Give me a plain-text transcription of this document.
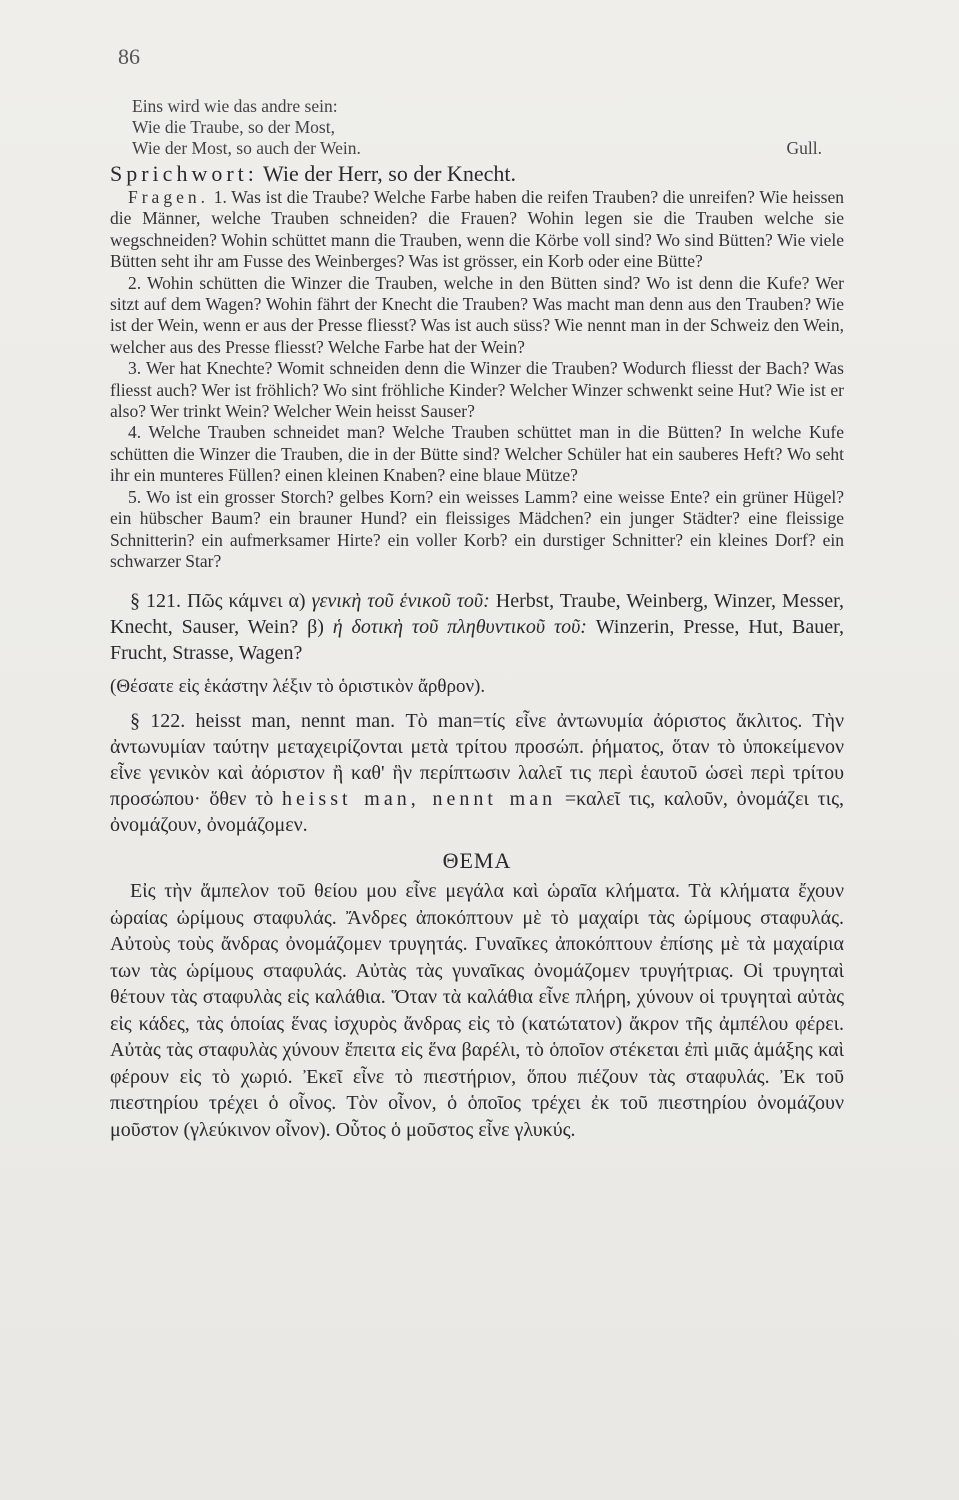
86
Eins wird wie das andre sein:
Wie die Traube, so der Most,
Wie der Most, so auch der Wein.	Gull.
Sprichwort: Wie der Herr, so der Knecht.

Fragen. 1. Was ist die Traube? Welche Farbe haben die reifen Trauben? die unreifen? Wie heissen die Männer, welche Trauben schneiden? die Frauen? Wohin legen sie die Trauben welche sie wegschneiden? Wohin schüttet mann die Trauben, wenn die Körbe voll sind? Wo sind Bütten? Wie viele Bütten seht ihr am Fusse des Weinberges? Was ist grösser, ein Korb oder eine Bütte?

2. Wohin schütten die Winzer die Trauben, welche in den Bütten sind? Wo ist denn die Kufe? Wer sitzt auf dem Wagen? Wohin fährt der Knecht die Trauben? Was macht man denn aus den Trauben? Wie ist der Wein, wenn er aus der Presse fliesst? Was ist auch süss? Wie nennt man in der Schweiz den Wein, welcher aus des Presse fliesst? Welche Farbe hat der Wein?

3. Wer hat Knechte? Womit schneiden denn die Winzer die Trauben? Wodurch fliesst der Bach? Was fliesst auch? Wer ist fröhlich? Wo sint fröhliche Kinder? Welcher Winzer schwenkt seine Hut? Wie ist er also? Wer trinkt Wein? Welcher Wein heisst Sauser?

4. Welche Trauben schneidet man? Welche Trauben schüttet man in die Bütten? In welche Kufe schütten die Winzer die Trauben, die in der Bütte sind? Welcher Schüler hat ein sauberes Heft? Wo seht ihr ein munteres Füllen? einen kleinen Knaben? eine blaue Mütze?

5. Wo ist ein grosser Storch? gelbes Korn? ein weisses Lamm? eine weisse Ente? ein grüner Hügel? ein hübscher Baum? ein brauner Hund? ein fleissiges Mädchen? ein junger Städter? eine fleissige Schnitterin? ein aufmerksamer Hirte? ein voller Korb? ein durstiger Schnitter? ein kleines Dorf? ein schwarzer Star?

§ 121. Πῶς κάμνει α) γενικὴ τοῦ ἑνικοῦ τοῦ: Herbst, Traube, Weinberg, Winzer, Messer, Knecht, Sauser, Wein? β) ἡ δοτικὴ τοῦ πληθυντικοῦ τοῦ: Winzerin, Presse, Hut, Bauer, Frucht, Strasse, Wagen?

(Θέσατε εἰς ἑκάστην λέξιν τὸ ὁριστικὸν ἄρθρον).

§ 122. heisst man, nennt man. Τὸ man=τίς εἶνε ἀντωνυμία ἀόριστος ἄκλιτος. Τὴν ἀντωνυμίαν ταύτην μεταχειρίζονται μετὰ τρίτου προσώπ. ῥήματος, ὅταν τὸ ὑποκείμενον εἶνε γενικὸν καὶ ἀόριστον ἢ καθ' ἣν περίπτωσιν λαλεῖ τις περὶ ἑαυτοῦ ὡσεὶ περὶ τρίτου προσώπου· ὅθεν τὸ heisst man, nennt man =καλεῖ τις, καλοῦν, ὀνομάζει τις, ὀνομάζουν, ὀνομάζομεν.

ΘΕΜΑ

Εἰς τὴν ἄμπελον τοῦ θείου μου εἶνε μεγάλα καὶ ὡραῖα κλήματα. Τὰ κλήματα ἔχουν ὡραίας ὡρίμους σταφυλάς. Ἄνδρες ἀποκόπτουν μὲ τὸ μαχαίρι τὰς ὡρίμους σταφυλάς. Αὐτοὺς τοὺς ἄνδρας ὀνομάζομεν τρυγητάς. Γυναῖκες ἀποκόπτουν ἐπίσης μὲ τὰ μαχαίρια των τὰς ὡρίμους σταφυλάς. Αὐτὰς τὰς γυναῖκας ὀνομάζομεν τρυγήτριας. Οἱ τρυγηταὶ θέτουν τὰς σταφυλὰς εἰς καλάθια. Ὅταν τὰ καλάθια εἶνε πλήρη, χύνουν οἱ τρυγηταὶ αὐτὰς εἰς κάδες, τὰς ὁποίας ἕνας ἰσχυρὸς ἄνδρας εἰς τὸ (κατώτατον) ἄκρον τῆς ἀμπέλου φέρει. Αὐτὰς τὰς σταφυλὰς χύνουν ἔπειτα εἰς ἕνα βαρέλι, τὸ ὁποῖον στέκεται ἐπὶ μιᾶς ἁμάξης καὶ φέρουν εἰς τὸ χωριό. Ἐκεῖ εἶνε τὸ πιεστήριον, ὅπου πιέζουν τὰς σταφυλάς. Ἐκ τοῦ πιεστηρίου τρέχει ὁ οἶνος. Τὸν οἶνον, ὁ ὁποῖος τρέχει ἐκ τοῦ πιεστηρίου ὀνομάζουν μοῦστον (γλεύκινον οἶνον). Οὗτος ὁ μοῦστος εἶνε γλυκύς.
